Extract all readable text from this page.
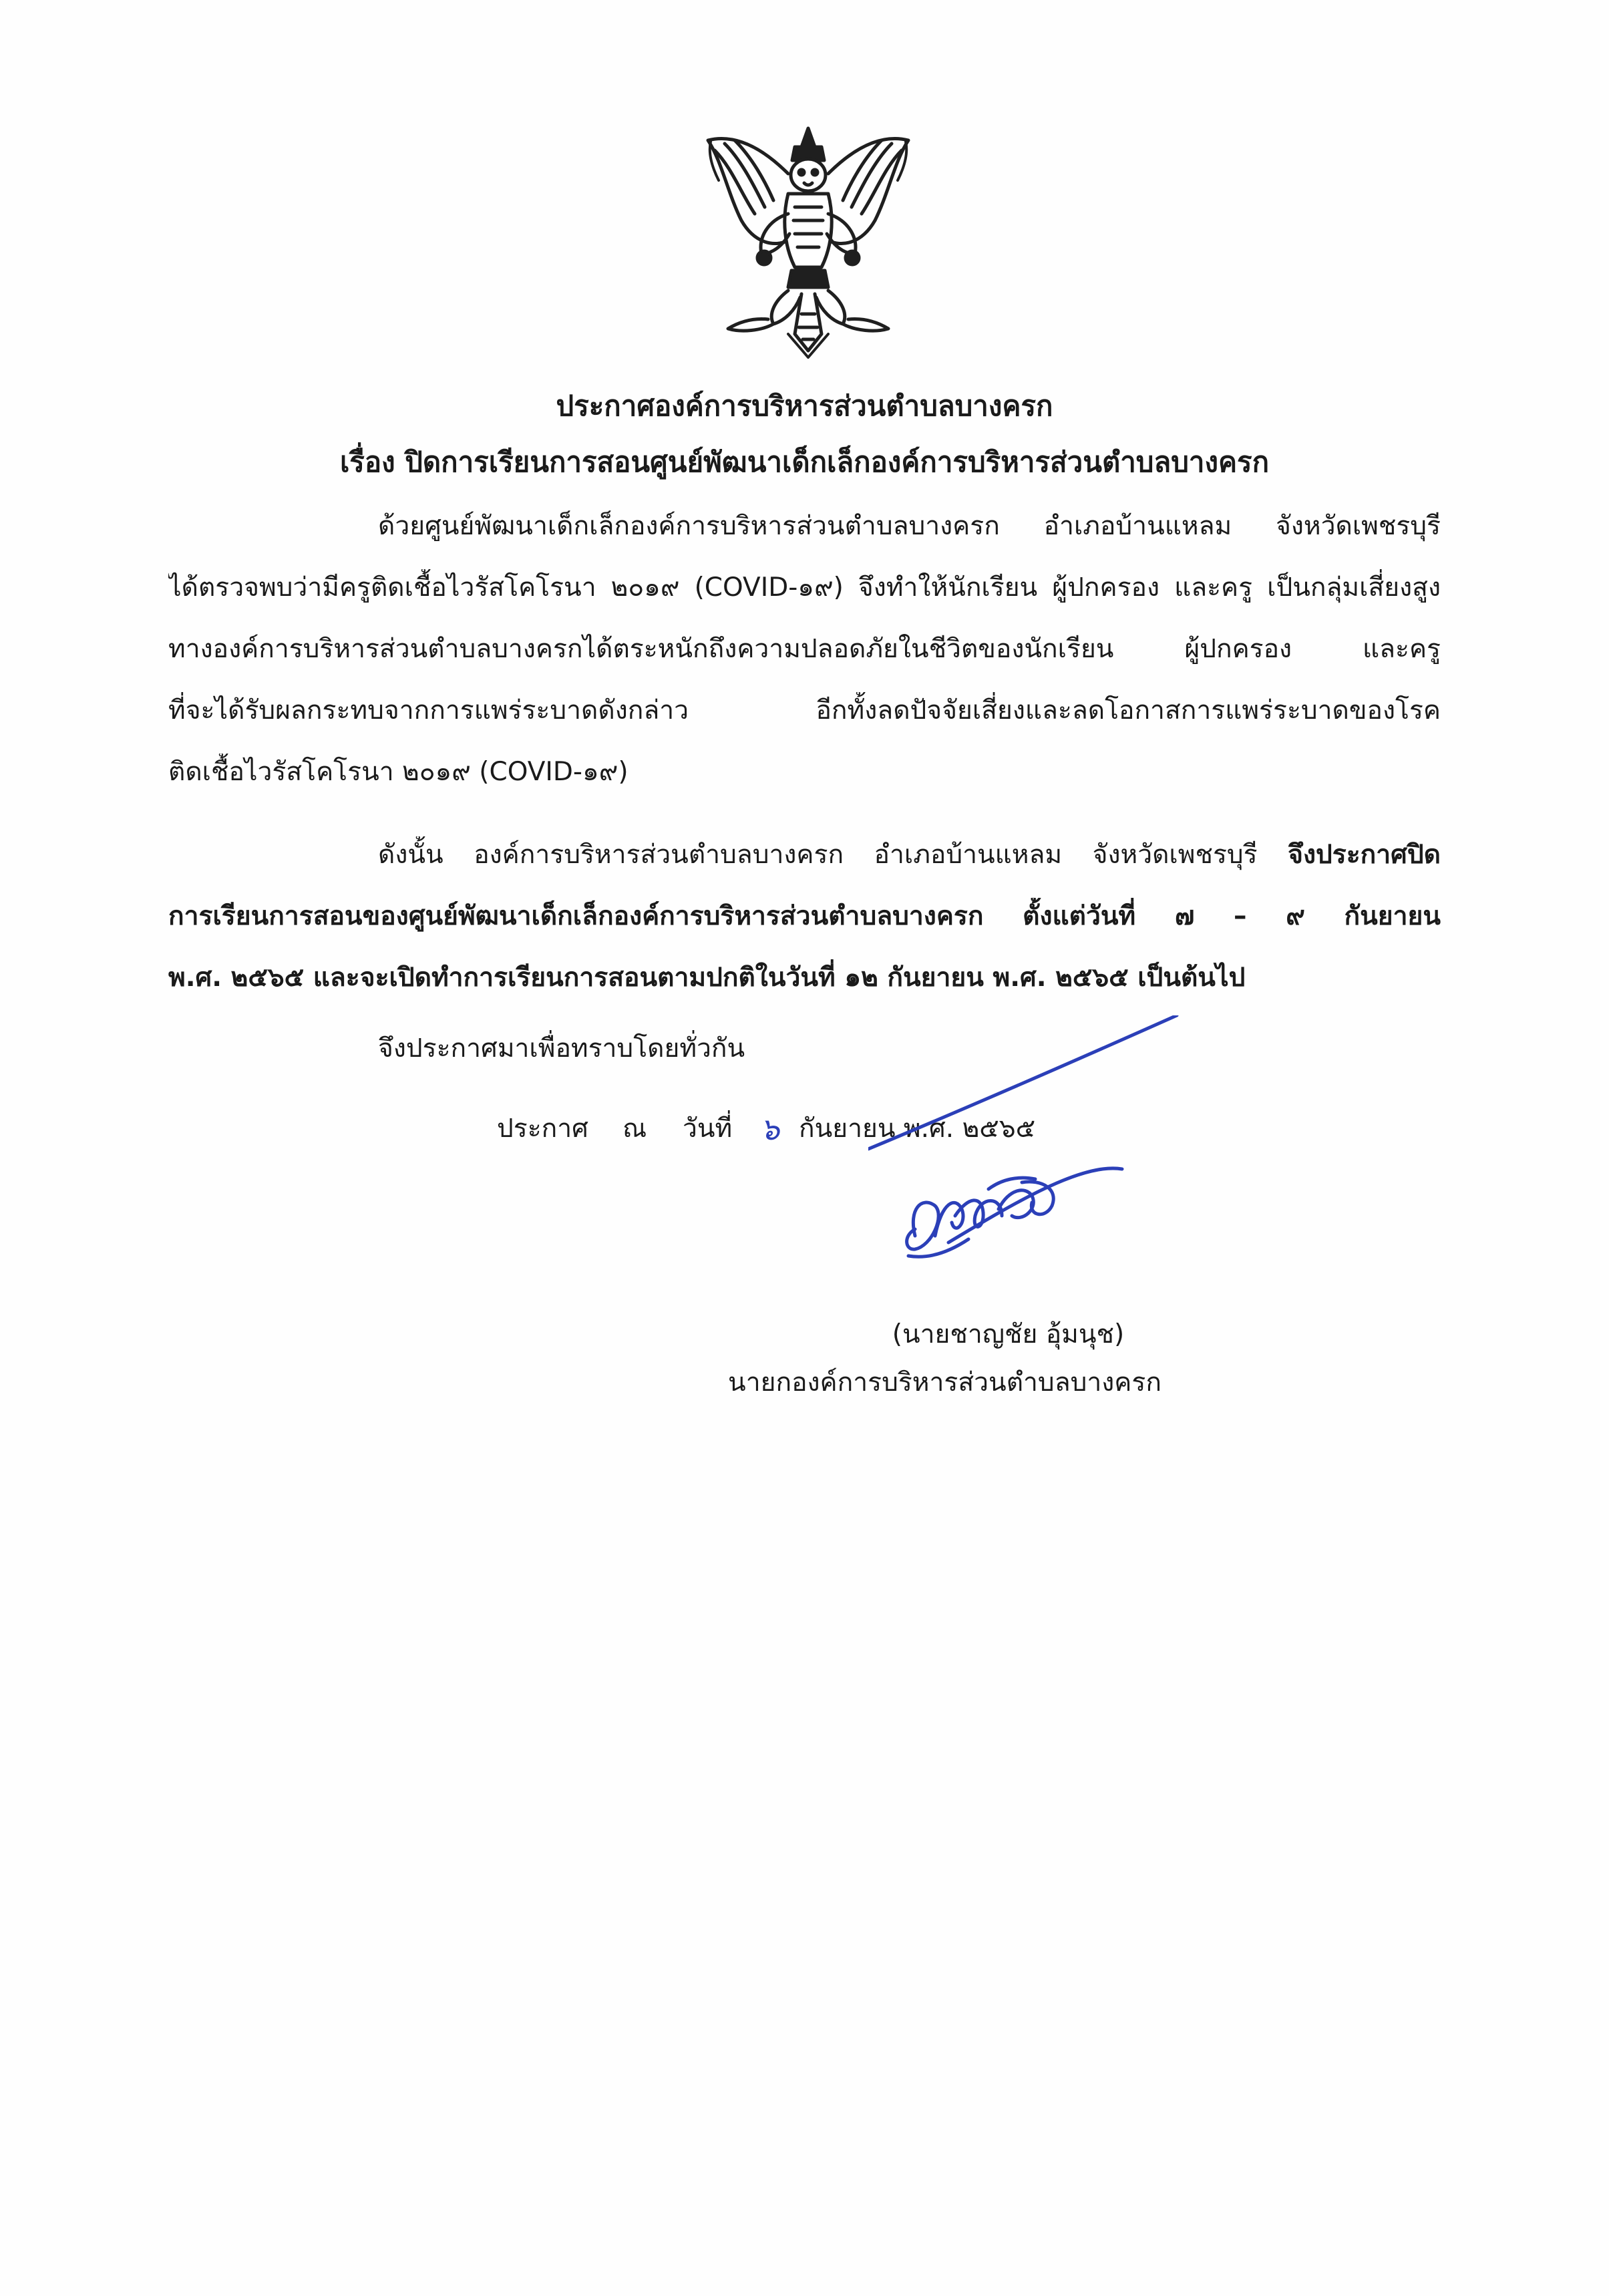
ประกาศองค์การบริหารส่วนตำบลบางครก
เรื่อง ปิดการเรียนการสอนศูนย์พัฒนาเด็กเล็กองค์การบริหารส่วนตำบลบางครก
ด้วยศูนย์พัฒนาเด็กเล็กองค์การบริหารส่วนตำบลบางครก อำเภอบ้านแหลม จังหวัดเพชรบุรี
ได้ตรวจพบว่ามีครูติดเชื้อไวรัสโคโรนา ๒๐๑๙ (COVID-๑๙) จึงทำให้นักเรียน ผู้ปกครอง และครู เป็นกลุ่มเสี่ยงสูง
ทางองค์การบริหารส่วนตำบลบางครกได้ตระหนักถึงความปลอดภัยในชีวิตของนักเรียน ผู้ปกครอง และครู
ที่จะได้รับผลกระทบจากการแพร่ระบาดดังกล่าว อีกทั้งลดปัจจัยเสี่ยงและลดโอกาสการแพร่ระบาดของโรค
ติดเชื้อไวรัสโคโรนา ๒๐๑๙ (COVID-๑๙)
ดังนั้น องค์การบริหารส่วนตำบลบางครก อำเภอบ้านแหลม จังหวัดเพชรบุรี จึงประกาศปิด
การเรียนการสอนของศูนย์พัฒนาเด็กเล็กองค์การบริหารส่วนตำบลบางครก ตั้งแต่วันที่ ๗ – ๙ กันยายน
พ.ศ. ๒๕๖๕ และจะเปิดทำการเรียนการสอนตามปกติในวันที่ ๑๒ กันยายน พ.ศ. ๒๕๖๕ เป็นต้นไป
จึงประกาศมาเพื่อทราบโดยทั่วกัน
ประกาศ ณ วันที่ ๖ กันยายน พ.ศ. ๒๕๖๕
(นายชาญชัย อุ้มนุช)
นายกองค์การบริหารส่วนตำบลบางครก
